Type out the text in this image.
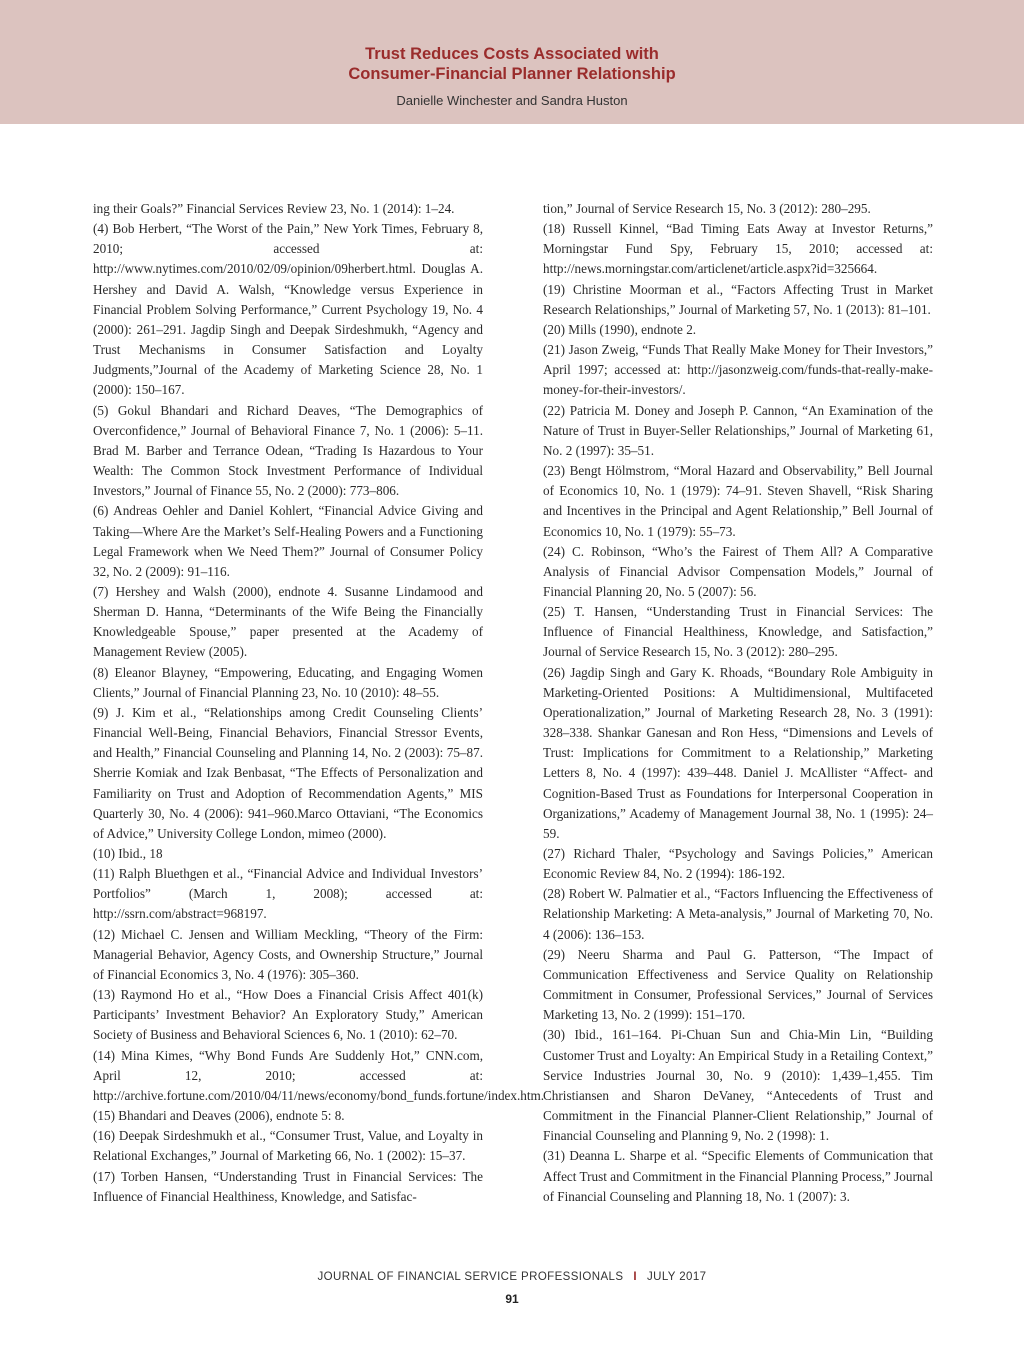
Trust Reduces Costs Associated with
Consumer-Financial Planner Relationship
Danielle Winchester and Sandra Huston

ing their Goals?” Financial Services Review 23, No. 1 (2014): 1–24.

(4) Bob Herbert, “The Worst of the Pain,” New York Times, February 8, 2010; accessed at: http://www.nytimes.com/2010/02/09/opinion/09herbert.html. Douglas A. Hershey and David A. Walsh, “Knowledge versus Experience in Financial Problem Solving Performance,” Current Psychology 19, No. 4 (2000): 261–291. Jagdip Singh and Deepak Sirdeshmukh, “Agency and Trust Mechanisms in Consumer Satisfaction and Loyalty Judgments,”Journal of the Academy of Marketing Science 28, No. 1 (2000): 150–167.

(5) Gokul Bhandari and Richard Deaves, “The Demographics of Overconfidence,” Journal of Behavioral Finance 7, No. 1 (2006): 5–11. Brad M. Barber and Terrance Odean, “Trading Is Hazardous to Your Wealth: The Common Stock Investment Performance of Individual Investors,” Journal of Finance 55, No. 2 (2000): 773–806.

(6) Andreas Oehler and Daniel Kohlert, “Financial Advice Giving and Taking—Where Are the Market’s Self-Healing Powers and a Functioning Legal Framework when We Need Them?” Journal of Consumer Policy 32, No. 2 (2009): 91–116.

(7) Hershey and Walsh (2000), endnote 4. Susanne Lindamood and Sherman D. Hanna, “Determinants of the Wife Being the Financially Knowledgeable Spouse,” paper presented at the Academy of Management Review (2005).

(8) Eleanor Blayney, “Empowering, Educating, and Engaging Women Clients,” Journal of Financial Planning 23, No. 10 (2010): 48–55.

(9) J. Kim et al., “Relationships among Credit Counseling Clients’ Financial Well-Being, Financial Behaviors, Financial Stressor Events, and Health,” Financial Counseling and Planning 14, No. 2 (2003): 75–87. Sherrie Komiak and Izak Benbasat, “The Effects of Personalization and Familiarity on Trust and Adoption of Recommendation Agents,” MIS Quarterly 30, No. 4 (2006): 941–960.Marco Ottaviani, “The Economics of Advice,” University College London, mimeo (2000).

(10) Ibid., 18

(11) Ralph Bluethgen et al., “Financial Advice and Individual Investors’ Portfolios” (March 1, 2008); accessed at: http://ssrn.com/abstract=968197.

(12) Michael C. Jensen and William Meckling, “Theory of the Firm: Managerial Behavior, Agency Costs, and Ownership Structure,” Journal of Financial Economics 3, No. 4 (1976): 305–360.

(13) Raymond Ho et al., “How Does a Financial Crisis Affect 401(k) Participants’ Investment Behavior? An Exploratory Study,” American Society of Business and Behavioral Sciences 6, No. 1 (2010): 62–70.

(14) Mina Kimes, “Why Bond Funds Are Suddenly Hot,” CNN.com, April 12, 2010; accessed at: http://archive.fortune.com/2010/04/11/news/economy/bond_funds.fortune/index.htm.

(15) Bhandari and Deaves (2006), endnote 5: 8.

(16) Deepak Sirdeshmukh et al., “Consumer Trust, Value, and Loyalty in Relational Exchanges,” Journal of Marketing 66, No. 1 (2002): 15–37.

(17) Torben Hansen, “Understanding Trust in Financial Services: The Influence of Financial Healthiness, Knowledge, and Satisfac-

tion,” Journal of Service Research 15, No. 3 (2012): 280–295.

(18) Russell Kinnel, “Bad Timing Eats Away at Investor Returns,” Morningstar Fund Spy, February 15, 2010; accessed at: http://news.morningstar.com/articlenet/article.aspx?id=325664.

(19) Christine Moorman et al., “Factors Affecting Trust in Market Research Relationships,” Journal of Marketing 57, No. 1 (2013): 81–101.

(20) Mills (1990), endnote 2.

(21) Jason Zweig, “Funds That Really Make Money for Their Investors,” April 1997; accessed at: http://jasonzweig.com/funds-that-really-make-money-for-their-investors/.

(22) Patricia M. Doney and Joseph P. Cannon, “An Examination of the Nature of Trust in Buyer-Seller Relationships,” Journal of Marketing 61, No. 2 (1997): 35–51.

(23) Bengt Hölmstrom, “Moral Hazard and Observability,” Bell Journal of Economics 10, No. 1 (1979): 74–91. Steven Shavell, “Risk Sharing and Incentives in the Principal and Agent Relationship,” Bell Journal of Economics 10, No. 1 (1979): 55–73.

(24) C. Robinson, “Who’s the Fairest of Them All? A Comparative Analysis of Financial Advisor Compensation Models,” Journal of Financial Planning 20, No. 5 (2007): 56.

(25) T. Hansen, “Understanding Trust in Financial Services: The Influence of Financial Healthiness, Knowledge, and Satisfaction,” Journal of Service Research 15, No. 3 (2012): 280–295.

(26) Jagdip Singh and Gary K. Rhoads, “Boundary Role Ambiguity in Marketing-Oriented Positions: A Multidimensional, Multifaceted Operationalization,” Journal of Marketing Research 28, No. 3 (1991): 328–338. Shankar Ganesan and Ron Hess, “Dimensions and Levels of Trust: Implications for Commitment to a Relationship,” Marketing Letters 8, No. 4 (1997): 439–448. Daniel J. McAllister “Affect- and Cognition-Based Trust as Foundations for Interpersonal Cooperation in Organizations,” Academy of Management Journal 38, No. 1 (1995): 24–59.

(27) Richard Thaler, “Psychology and Savings Policies,” American Economic Review 84, No. 2 (1994): 186-192.

(28) Robert W. Palmatier et al., “Factors Influencing the Effectiveness of Relationship Marketing: A Meta-analysis,” Journal of Marketing 70, No. 4 (2006): 136–153.

(29) Neeru Sharma and Paul G. Patterson, “The Impact of Communication Effectiveness and Service Quality on Relationship Commitment in Consumer, Professional Services,” Journal of Services Marketing 13, No. 2 (1999): 151–170.

(30) Ibid., 161–164. Pi-Chuan Sun and Chia-Min Lin, “Building Customer Trust and Loyalty: An Empirical Study in a Retailing Context,” Service Industries Journal 30, No. 9 (2010): 1,439–1,455. Tim Christiansen and Sharon DeVaney, “Antecedents of Trust and Commitment in the Financial Planner-Client Relationship,” Journal of Financial Counseling and Planning 9, No. 2 (1998): 1.

(31) Deanna L. Sharpe et al. “Specific Elements of Communication that Affect Trust and Commitment in the Financial Planning Process,” Journal of Financial Counseling and Planning 18, No. 1 (2007): 3.

JOURNAL OF FINANCIAL SERVICE PROFESSIONALS I JULY 2017
91
